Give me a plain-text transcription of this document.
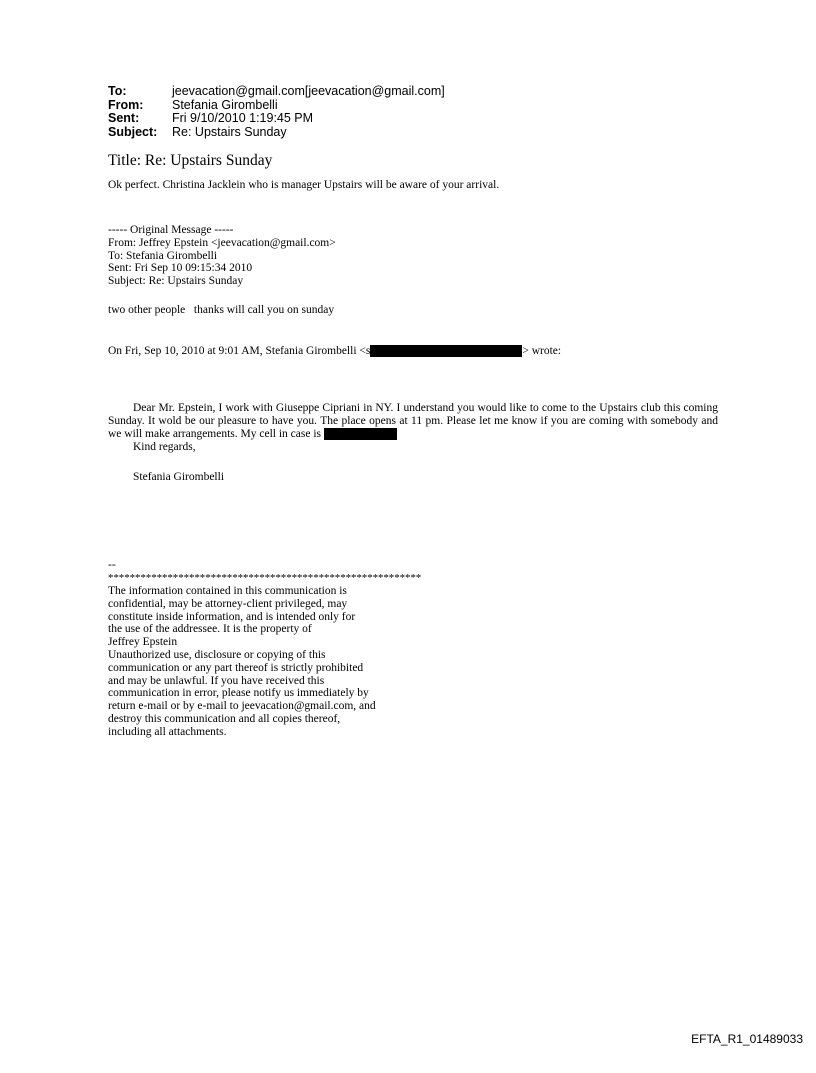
To:	jeevacation@gmail.com[jeevacation@gmail.com]
From:	Stefania Girombelli
Sent:	Fri 9/10/2010 1:19:45 PM
Subject:	Re: Upstairs Sunday
Title: Re: Upstairs Sunday
Ok perfect. Christina Jacklein who is manager Upstairs will be aware of your arrival.
----- Original Message -----
From: Jeffrey Epstein <jeevacation@gmail.com>
To: Stefania Girombelli
Sent: Fri Sep 10 09:15:34 2010
Subject: Re: Upstairs Sunday
two other people   thanks will call you on sunday
On Fri, Sep 10, 2010 at 9:01 AM, Stefania Girombelli <s	> wrote:
Dear Mr. Epstein, I work with Giuseppe Cipriani in NY. I understand you would like to come to the Upstairs club this coming Sunday. It wold be our pleasure to have you. The place opens at 11 pm. Please let me know if you are coming with somebody and we will make arrangements. My cell in case is
Kind regards,
Stefania Girombelli
--
**********************************************************
The information contained in this communication is
confidential, may be attorney-client privileged, may
constitute inside information, and is intended only for
the use of the addressee. It is the property of
Jeffrey Epstein
Unauthorized use, disclosure or copying of this
communication or any part thereof is strictly prohibited
and may be unlawful. If you have received this
communication in error, please notify us immediately by
return e-mail or by e-mail to jeevacation@gmail.com, and
destroy this communication and all copies thereof,
including all attachments.
EFTA_R1_01489033
